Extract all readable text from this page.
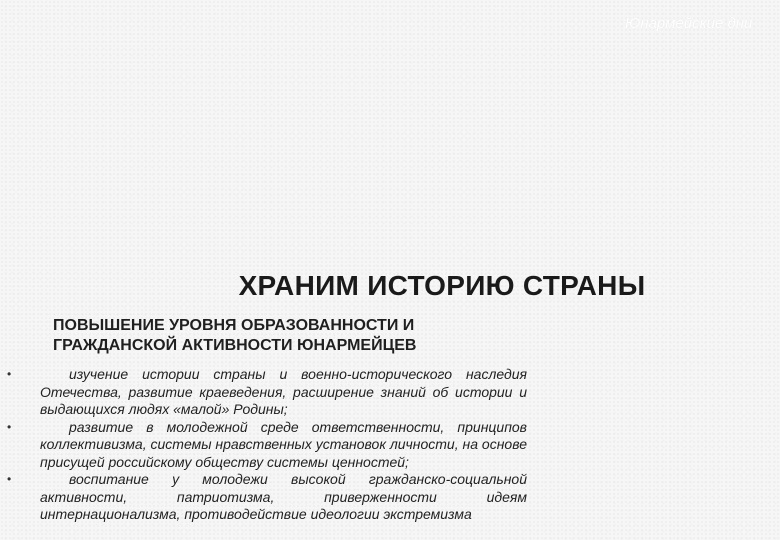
Юнармейские дни
ХРАНИМ ИСТОРИЮ СТРАНЫ
ПОВЫШЕНИЕ УРОВНЯ ОБРАЗОВАННОСТИ И
ГРАЖДАНСКОЙ АКТИВНОСТИ ЮНАРМЕЙЦЕВ
• изучение истории страны и военно-исторического наследия Отечества, развитие краеведения, расширение знаний об истории и выдающихся людях «малой» Родины;
• развитие в молодежной среде ответственности, принципов коллективизма, системы нравственных установок личности, на основе присущей российскому обществу системы ценностей;
• воспитание у молодежи высокой гражданско-социальной активности, патриотизма, приверженности идеям интернационализма, противодействие идеологии экстремизма
